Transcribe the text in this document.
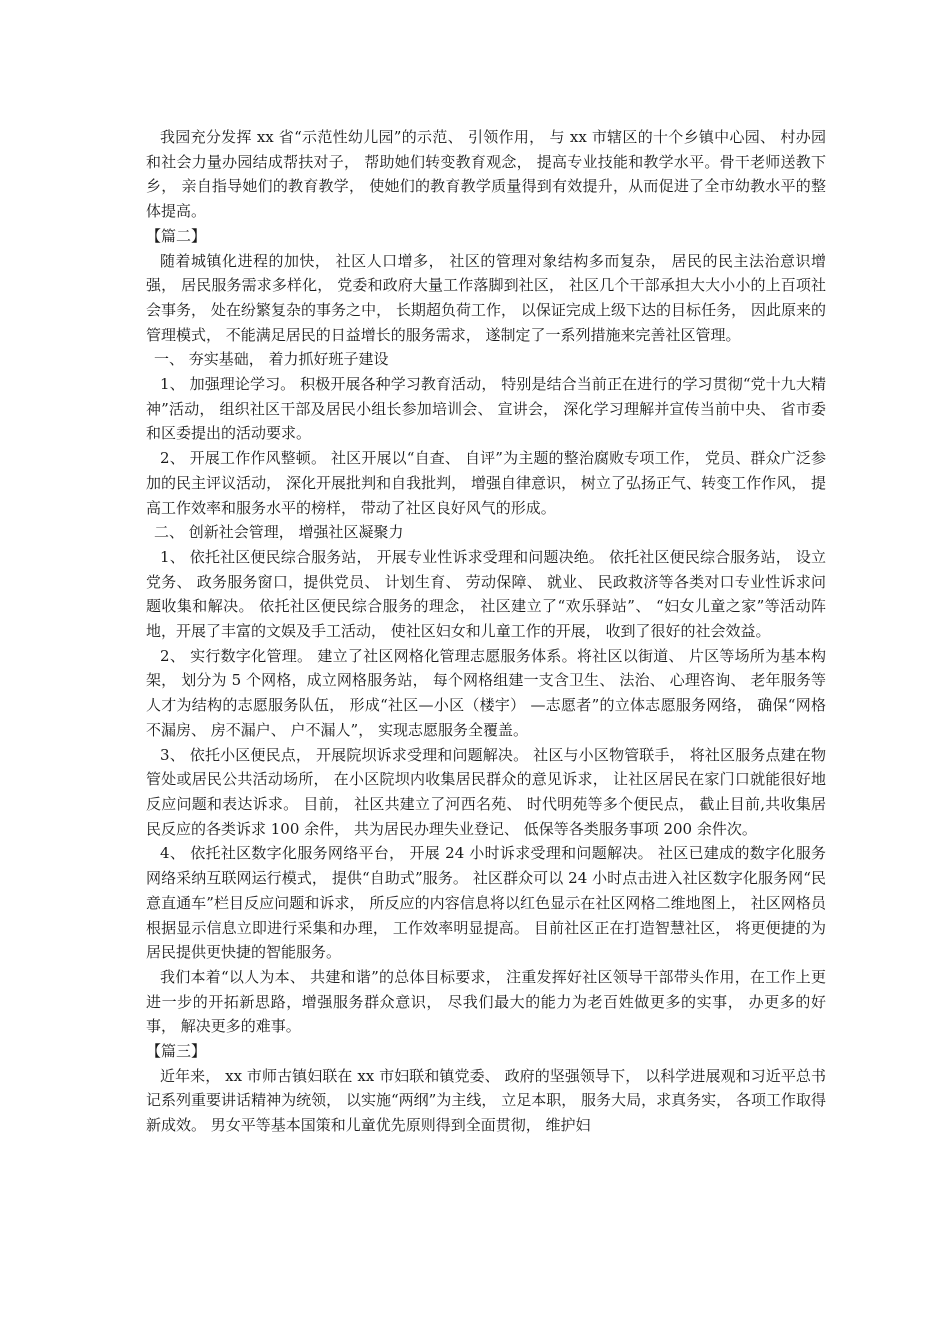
我园充分发挥 xx 省“示范性幼儿园”的示范、 引领作用， 与 xx 市辖区的十个乡镇中心园、 村办园和社会力量办园结成帮扶对子， 帮助她们转变教育观念， 提高专业技能和教学水平。骨干老师送教下乡， 亲自指导她们的教育教学， 使她们的教育教学质量得到有效提升，从而促进了全市幼教水平的整体提高。

【篇二】

随着城镇化进程的加快， 社区人口增多， 社区的管理对象结构多而复杂， 居民的民主法治意识增强， 居民服务需求多样化， 党委和政府大量工作落脚到社区， 社区几个干部承担大大小小的上百项社会事务， 处在纷繁复杂的事务之中， 长期超负荷工作， 以保证完成上级下达的目标任务， 因此原来的管理模式， 不能满足居民的日益增长的服务需求， 遂制定了一系列措施来完善社区管理。

一、 夯实基础， 着力抓好班子建设

1、 加强理论学习。 积极开展各种学习教育活动， 特别是结合当前正在进行的学习贯彻“党十九大精神”活动， 组织社区干部及居民小组长参加培训会、 宣讲会， 深化学习理解并宣传当前中央、 省市委和区委提出的活动要求。

2、 开展工作作风整顿。 社区开展以“自查、 自评”为主题的整治腐败专项工作， 党员、群众广泛参加的民主评议活动， 深化开展批判和自我批判， 增强自律意识， 树立了弘扬正气、转变工作作风， 提高工作效率和服务水平的榜样， 带动了社区良好风气的形成。

二、 创新社会管理， 增强社区凝聚力

1、 依托社区便民综合服务站， 开展专业性诉求受理和问题决绝。 依托社区便民综合服务站， 设立党务、 政务服务窗口，提供党员、 计划生育、 劳动保障、 就业、 民政救济等各类对口专业性诉求问题收集和解决。 依托社区便民综合服务的理念， 社区建立了“欢乐驿站”、 “妇女儿童之家”等活动阵地，开展了丰富的文娱及手工活动， 使社区妇女和儿童工作的开展， 收到了很好的社会效益。

2、 实行数字化管理。 建立了社区网格化管理志愿服务体系。将社区以街道、 片区等场所为基本构架， 划分为 5 个网格，成立网格服务站， 每个网格组建一支含卫生、 法治、 心理咨询、 老年服务等人才为结构的志愿服务队伍， 形成“社区—小区（楼宇） —志愿者”的立体志愿服务网络， 确保“网格不漏房、 房不漏户、 户不漏人”， 实现志愿服务全覆盖。

3、 依托小区便民点， 开展院坝诉求受理和问题解决。 社区与小区物管联手， 将社区服务点建在物管处或居民公共活动场所， 在小区院坝内收集居民群众的意见诉求， 让社区居民在家门口就能很好地反应问题和表达诉求。 目前， 社区共建立了河西名苑、 时代明苑等多个便民点， 截止目前,共收集居民反应的各类诉求 100 余件， 共为居民办理失业登记、 低保等各类服务事项 200 余件次。

4、 依托社区数字化服务网络平台， 开展 24 小时诉求受理和问题解决。 社区已建成的数字化服务网络采纳互联网运行模式， 提供“自助式”服务。 社区群众可以 24 小时点击进入社区数字化服务网“民意直通车”栏目反应问题和诉求， 所反应的内容信息将以红色显示在社区网格二维地图上， 社区网格员根据显示信息立即进行采集和办理， 工作效率明显提高。 目前社区正在打造智慧社区， 将更便捷的为居民提供更快捷的智能服务。

我们本着“以人为本、 共建和谐”的总体目标要求， 注重发挥好社区领导干部带头作用，在工作上更进一步的开拓新思路，增强服务群众意识， 尽我们最大的能力为老百姓做更多的实事， 办更多的好事， 解决更多的难事。

【篇三】

近年来， xx 市师古镇妇联在 xx 市妇联和镇党委、 政府的坚强领导下， 以科学进展观和习近平总书记系列重要讲话精神为统领， 以实施“两纲”为主线， 立足本职， 服务大局，求真务实， 各项工作取得新成效。 男女平等基本国策和儿童优先原则得到全面贯彻， 维护妇
